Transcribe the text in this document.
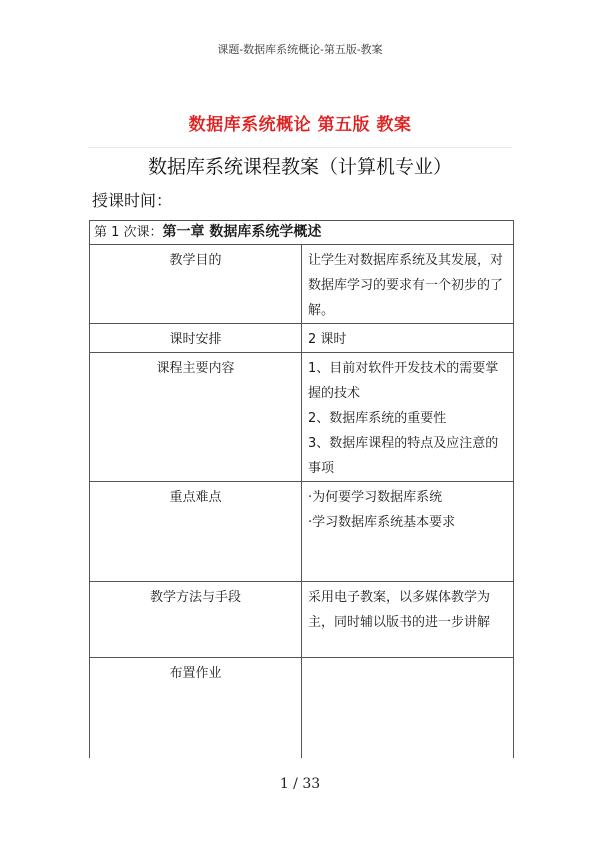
课题-数据库系统概论-第五版-教案
数据库系统概论 第五版 教案
数据库系统课程教案（计算机专业）
授课时间：
第 1 次课：第一章 数据库系统学概述	

教学目的	让学生对数据库系统及其发展，对数据库学习的要求有一个初步的了解。

课时安排	2 课时

课程主要内容	1、目前对软件开发技术的需要掌握的技术
2、数据库系统的重要性
3、数据库课程的特点及应注意的事项

重点难点	·为何要学习数据库系统
·学习数据库系统基本要求

教学方法与手段	采用电子教案，以多媒体教学为主，同时辅以版书的进一步讲解

布置作业	

1 / 33
